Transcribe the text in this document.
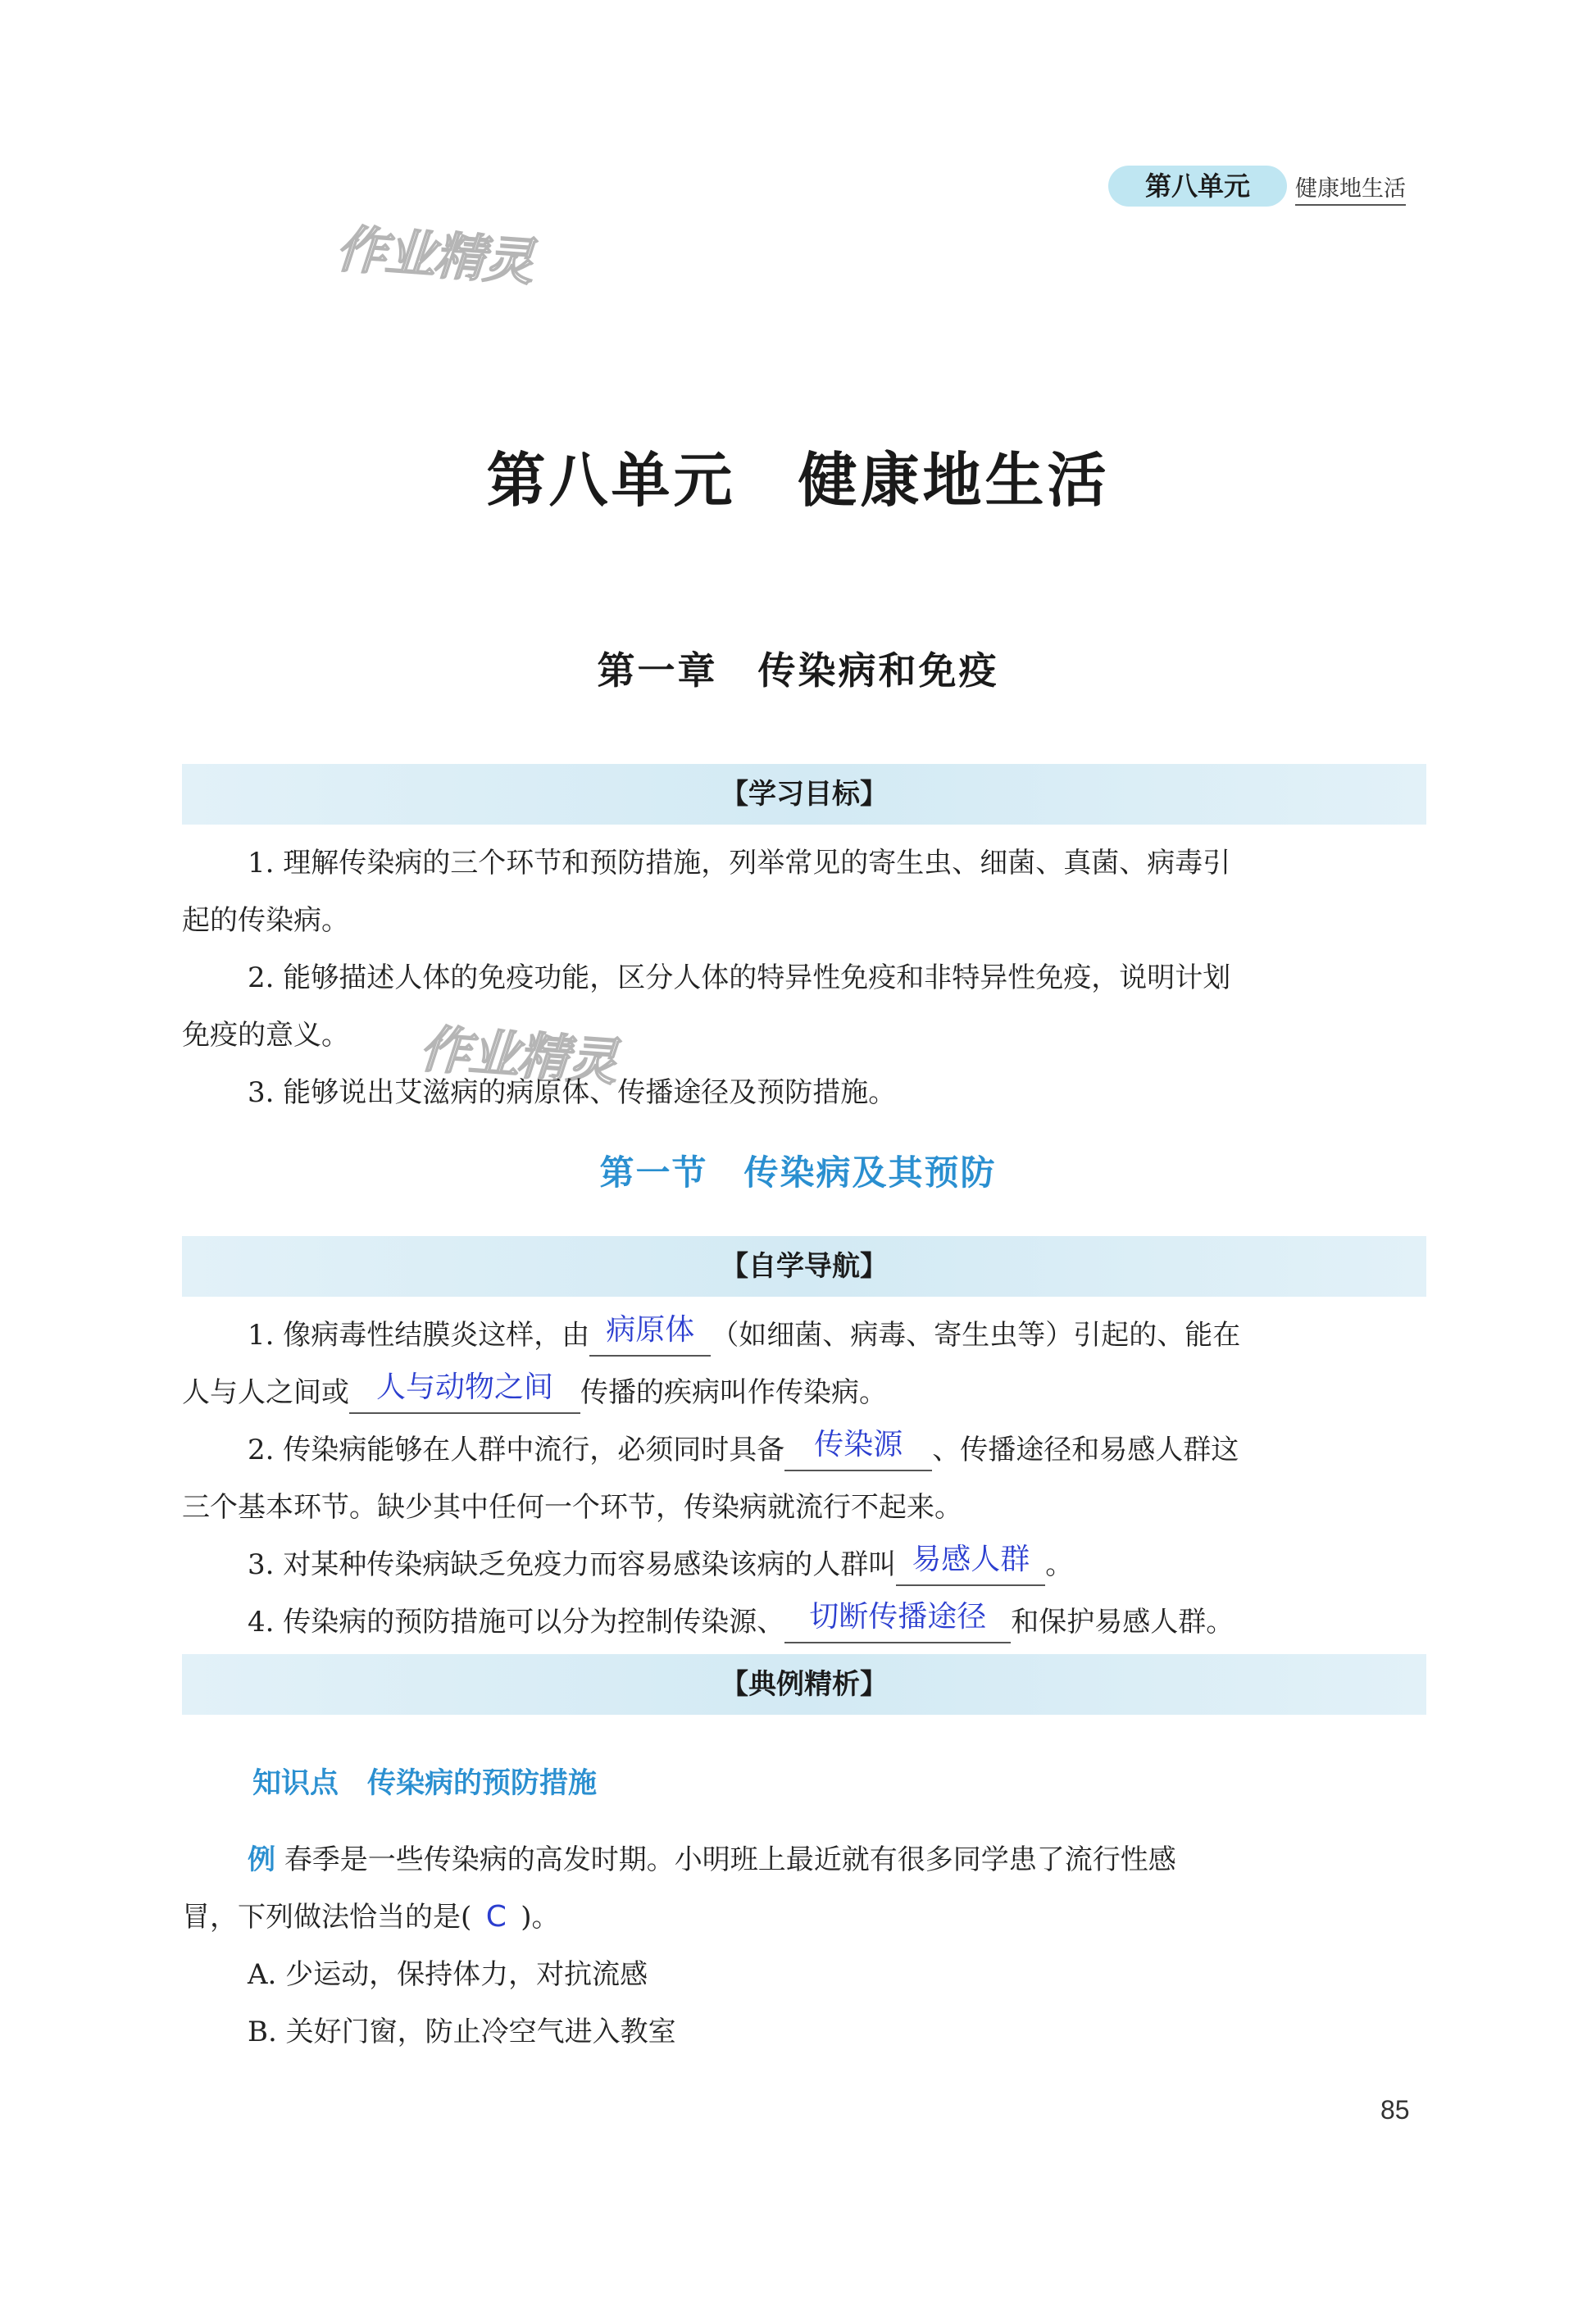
第八单元	健康地生活
作业精灵
作业精灵
第八单元　健康地生活
第一章　传染病和免疫
【学习目标】
1. 理解传染病的三个环节和预防措施，列举常见的寄生虫、细菌、真菌、病毒引
起的传染病。
2. 能够描述人体的免疫功能，区分人体的特异性免疫和非特异性免疫，说明计划
免疫的意义。
3. 能够说出艾滋病的病原体、传播途径及预防措施。
第一节　传染病及其预防
【自学导航】
1. 像病毒性结膜炎这样，由 病原体 （如细菌、病毒、寄生虫等）引起的、能在
人与人之间或 人与动物之间 传播的疾病叫作传染病。
2. 传染病能够在人群中流行，必须同时具备 传染源 、传播途径和易感人群这
三个基本环节。缺少其中任何一个环节，传染病就流行不起来。
3. 对某种传染病缺乏免疫力而容易感染该病的人群叫 易感人群 。
4. 传染病的预防措施可以分为控制传染源、 切断传播途径 和保护易感人群。
【典例精析】
知识点　传染病的预防措施
例 春季是一些传染病的高发时期。小明班上最近就有很多同学患了流行性感
冒，下列做法恰当的是( C )。
A. 少运动，保持体力，对抗流感
B. 关好门窗，防止冷空气进入教室
85
